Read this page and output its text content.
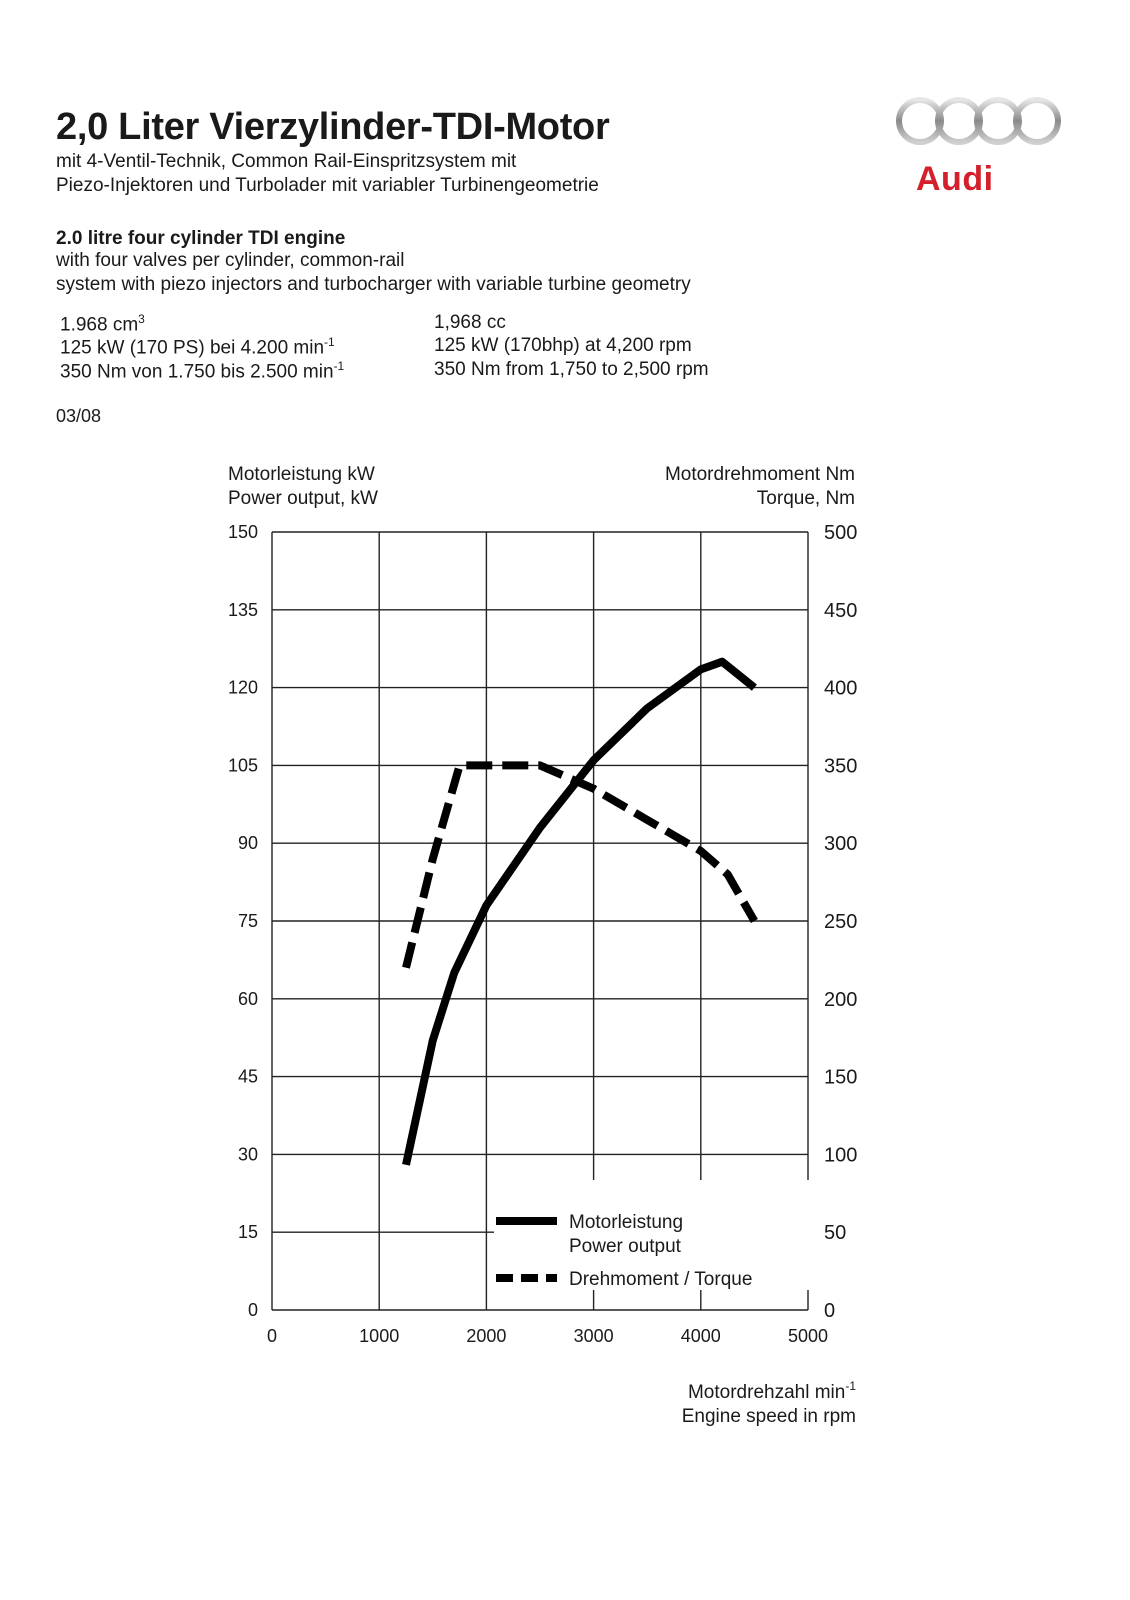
2,0 Liter Vierzylinder-TDI-Motor
mit 4-Ventil-Technik, Common Rail-Einspritzsystem mit
Piezo-Injektoren und Turbolader mit variabler Turbinengeometrie
2.0 litre four cylinder TDI engine
with four valves per cylinder, common-rail
system with piezo injectors and turbocharger with variable turbine geometry
1.968 $cm^3$
125 kW (170 PS) bei 4.200 $\min^{-1}$
350 Nm von 1.750 bis 2.500 $\min^{-1}$
1,968 cc
125 kW (170bhp) at 4,200 rpm
350 Nm from 1,750 to 2,500 rpm
03/08
Audi
0	1000	2000	3000	4000	5000
0
15
30
45
60
75
90
105
120
135
150
0
50
100
150
200
250
300
350
400
450
500
Motorleistung
Power output
Drehmoment / Torque
Motorleistung kW
Power output, kW
Motordrehmoment Nm
Torque, Nm
Motordrehzahl $\min^{-1}$
Engine speed in rpm
